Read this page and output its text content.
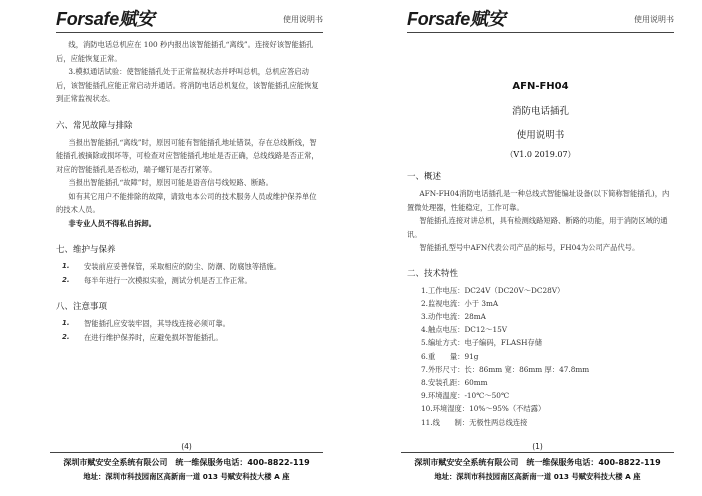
Forsafe赋安	使用说明书

线，消防电话总机应在 100 秒内报出该智能插孔“离线”。连接好该智能插孔后，应能恢复正常。

3.模拟通话试验：使智能插孔处于正常监视状态并呼叫总机，总机应答启动后，该智能插孔应能正常启动并通话。将消防电话总机复位，该智能插孔应能恢复到正常监视状态。

六、常见故障与排除

当报出智能插孔“离线”时，原因可能有智能插孔地址错误，存在总线断线，智能插孔被摘除或损坏等，可检查对应智能插孔地址是否正确，总线线路是否正常，对应的智能插孔是否松动，端子螺钉是否打紧等。

当报出智能插孔“故障”时，原因可能是语音信号线短路、断路。

如有其它用户不能排除的故障，请致电本公司的技术服务人员或维护保养单位的技术人员。

非专业人员不得私自拆卸。
七、维护与保养
1.	安装前应妥善保管，采取相应的防尘、防潮、防腐蚀等措施。
2.	每半年进行一次模拟实验，测试分机是否工作正常。
八、注意事项
1.	智能插孔应安装牢固，其导线连接必须可靠。
2.	在进行维护保养时，应避免损坏智能插孔。
(4)
深圳市赋安安全系统有限公司　统一维保服务电话：400-8822-119
地址：深圳市科技园南区高新南一道 013 号赋安科技大楼 A 座
Forsafe赋安	使用说明书
AFN-FH04
消防电话插孔
使用说明书
（V1.0 2019.07）
一、概述

AFN-FH04消防电话插孔是一种总线式智能编址设备(以下简称智能插孔)，内置微处理器，性能稳定，工作可靠。

智能插孔连接对讲总机，具有检测线路短路、断路的功能，用于消防区域的通讯。

智能插孔型号中AFN代表公司产品的标号，FH04为公司产品代号。

二、技术特性
1.工作电压：DC24V（DC20V～DC28V）
2.监视电流：小于 3mA
3.动作电流：28mA
4.触点电压：DC12～15V
5.编址方式：电子编码，FLASH存储
6.重　　量：91g
7.外形尺寸：长：86mm 宽：86mm 厚：47.8mm
8.安装孔距：60mm
9.环境温度：-10℃～50℃
10.环境湿度：10%～95%（不结露）
11.线　　制：无极性两总线连接
(1)
深圳市赋安安全系统有限公司　统一维保服务电话：400-8822-119
地址：深圳市科技园南区高新南一道 013 号赋安科技大楼 A 座
